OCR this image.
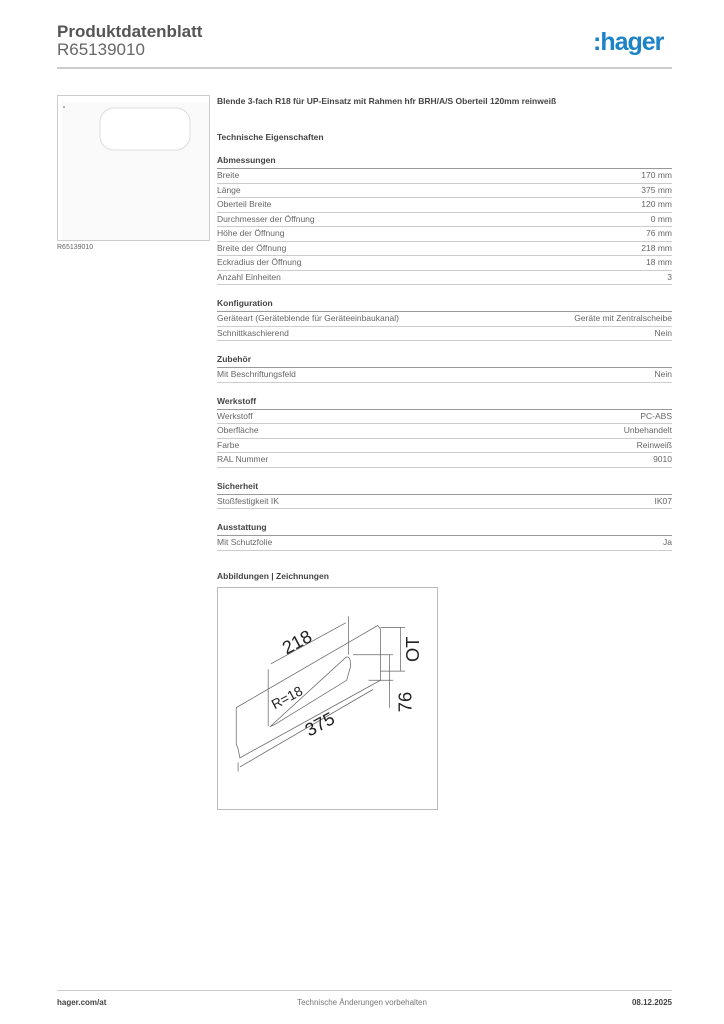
Produktdatenblatt
R65139010	:hager
R65139010
Blende 3-fach R18 für UP-Einsatz mit Rahmen hfr BRH/A/S Oberteil 120mm reinweiß
Technische Eigenschaften
Abmessungen
Breite	170 mm
Länge	375 mm
Oberteil Breite	120 mm
Durchmesser der Öffnung	0 mm
Höhe der Öffnung	76 mm
Breite der Öffnung	218 mm
Eckradius der Öffnung	18 mm
Anzahl Einheiten	3
Konfiguration
Geräteart (Geräteblende für Geräteeinbaukanal)	Geräte mit Zentralscheibe
Schnittkaschierend	Nein
Zubehör
Mit Beschriftungsfeld	Nein
Werkstoff
Werkstoff	PC-ABS
Oberfläche	Unbehandelt
Farbe	Reinweiß
RAL Nummer	9010
Sicherheit
Stoßfestigkeit IK	IK07
Ausstattung
Mit Schutzfolie	Ja
Abbildungen | Zeichnungen
218
R=18
375
OT
76
hager.com/at	Technische Änderungen vorbehalten	08.12.2025
